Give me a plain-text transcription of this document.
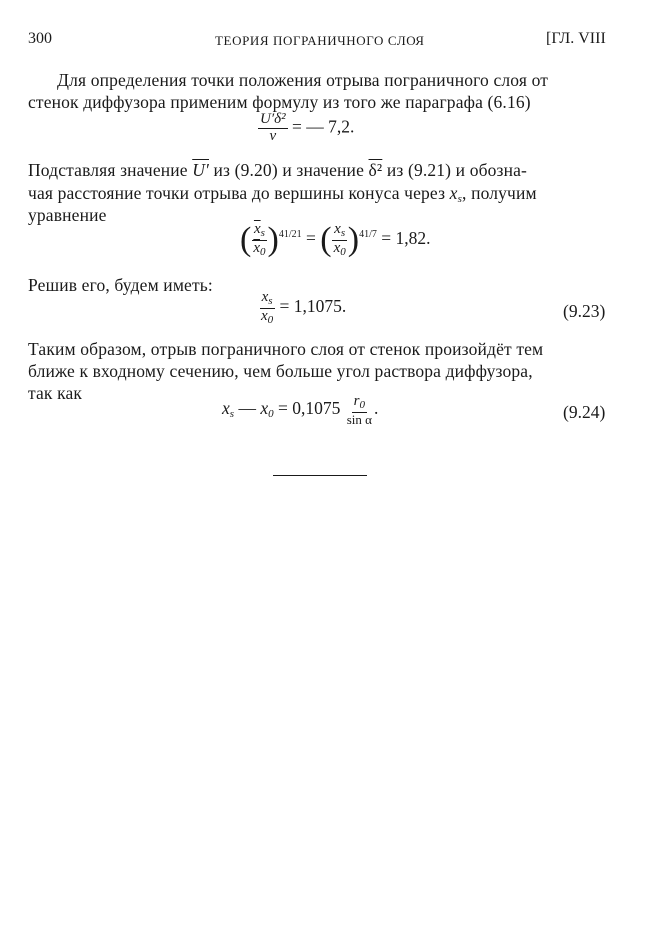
300	ТЕОРИЯ ПОГРАНИЧНОГО СЛОЯ	[ГЛ. VIII
Для определения точки положения отрыва пограничного слоя от
стенок диффузора применим формулу из того же параграфа (6.16)
$\frac{\text{U′δ²}}{\nu}$ = — 7,2.
Подставляя значение U′ из (9.20) и значение δ² из (9.21) и обозна-
чая расстояние точки отрыва до вершины конуса через $x_s$, получим
уравнение
( $\frac{\overline{x}_s}{\overline{x}_0} )^{41/21}$ = ( $\frac{x_s}{x_0} )^{41/7} = 1,82$.
Решив его, будем иметь:
$\frac{x_s}{x_0} = 1,1075$.	(9.23)
Таким образом, отрыв пограничного слоя от стенок произойдёт тем
ближе к входному сечению, чем больше угол раствора диффузора,
так как
$x_s$ — $x_0 = 0,1075 \frac{r_0}{\text{sin α}}$ .	(9.24)
